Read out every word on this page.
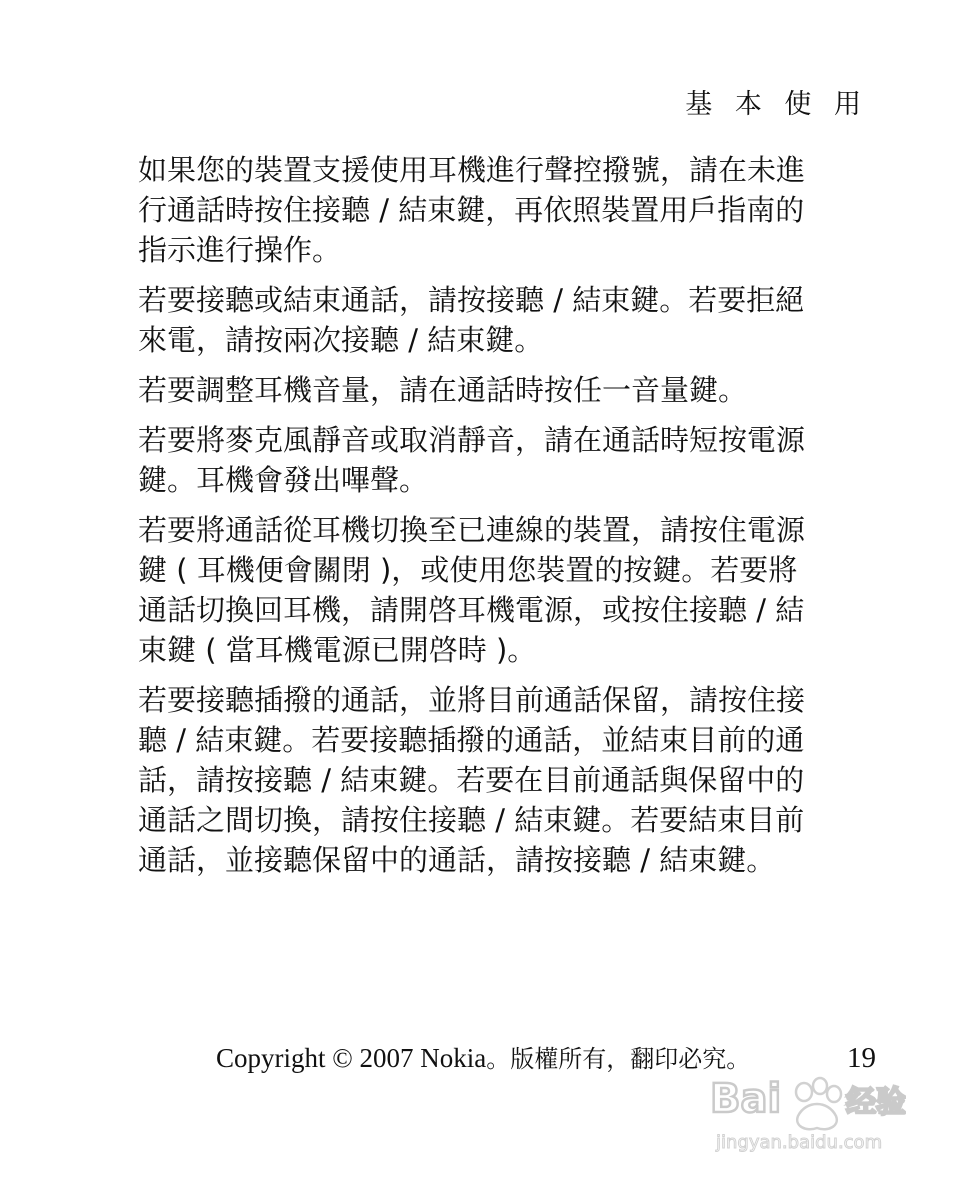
基 本 使 用

如果您的裝置支援使用耳機進行聲控撥號，請在未進
行通話時按住接聽 / 結束鍵，再依照裝置用戶指南的
指示進行操作。

若要接聽或結束通話，請按接聽 / 結束鍵。若要拒絕
來電，請按兩次接聽 / 結束鍵。

若要調整耳機音量，請在通話時按任一音量鍵。

若要將麥克風靜音或取消靜音，請在通話時短按電源
鍵。耳機會發出嗶聲。

若要將通話從耳機切換至已連線的裝置，請按住電源
鍵 ( 耳機便會關閉 )，或使用您裝置的按鍵。若要將
通話切換回耳機，請開啓耳機電源，或按住接聽 / 結
束鍵 ( 當耳機電源已開啓時 )。

若要接聽插撥的通話，並將目前通話保留，請按住接
聽 / 結束鍵。若要接聽插撥的通話，並結束目前的通
話，請按接聽 / 結束鍵。若要在目前通話與保留中的
通話之間切換，請按住接聽 / 結束鍵。若要結束目前
通話，並接聽保留中的通話，請按接聽 / 結束鍵。

Copyright © 2007 Nokia。版權所有，翻印必究。	19
Bai 经验
jingyan.baidu.com
